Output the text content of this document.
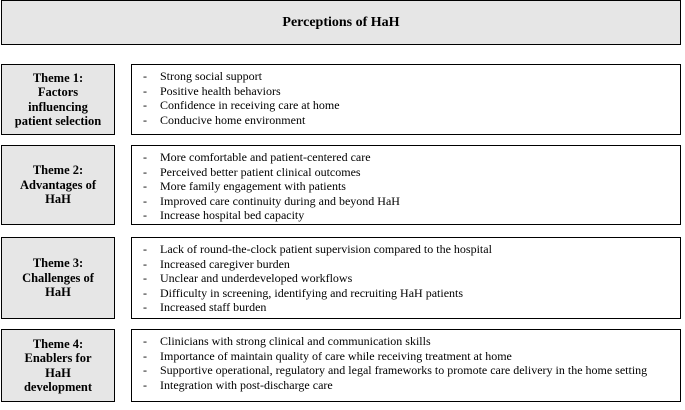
Perceptions of HaH
Theme 1:
Factors
influencing
patient selection
- Strong social support
- Positive health behaviors
- Confidence in receiving care at home
- Conducive home environment
Theme 2:
Advantages of
HaH
- More comfortable and patient-centered care
- Perceived better patient clinical outcomes
- More family engagement with patients
- Improved care continuity during and beyond HaH
- Increase hospital bed capacity
Theme 3:
Challenges of
HaH
- Lack of round-the-clock patient supervision compared to the hospital
- Increased caregiver burden
- Unclear and underdeveloped workflows
- Difficulty in screening, identifying and recruiting HaH patients
- Increased staff burden
Theme 4:
Enablers for
HaH
development
- Clinicians with strong clinical and communication skills
- Importance of maintain quality of care while receiving treatment at home
- Supportive operational, regulatory and legal frameworks to promote care delivery in the home setting
- Integration with post-discharge care
